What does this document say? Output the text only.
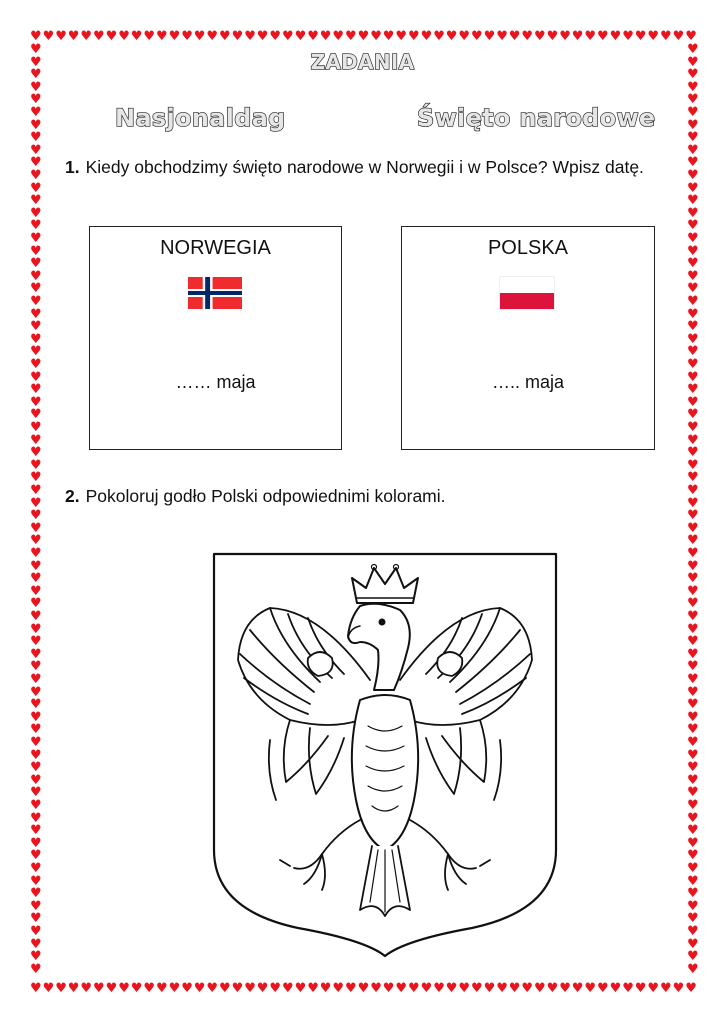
♥
♥
♥
♥
♥
♥
♥
♥
♥
♥
♥
♥
♥
♥
♥
♥
♥
♥
♥
♥
♥
♥
♥
♥
♥
♥
♥
♥
♥
♥
♥
♥
♥
♥
♥
♥
♥
♥
♥
♥
♥
♥
♥
♥
♥
♥
♥
♥
♥
♥
♥
♥
♥
♥
♥
♥
♥
♥
♥
♥
♥
♥
♥
♥
♥
♥
♥
♥
♥
♥
♥
♥
♥
♥
♥
♥
♥
♥
♥
♥
♥
♥
♥
♥
♥
♥
♥
♥
♥
♥
♥
♥
♥
♥
♥
♥
♥
♥
♥
♥
♥
♥
♥
♥
♥
♥
♥	♥
♥	♥
♥	♥
♥	♥
♥	♥
♥	♥
♥	♥
♥	♥
♥	♥
♥	♥
♥	♥
♥	♥
♥	♥
♥	♥
♥	♥
♥	♥
♥	♥
♥	♥
♥	♥
♥	♥
♥	♥
♥	♥
♥	♥
♥	♥
♥	♥
♥	♥
♥	♥
♥	♥
♥	♥
♥	♥
♥	♥
♥	♥
♥	♥
♥	♥
♥	♥
♥	♥
♥	♥
♥	♥
♥	♥
♥	♥
♥	♥
♥	♥
♥	♥
♥	♥
♥	♥
♥	♥
♥	♥
♥	♥
♥	♥
♥	♥
♥	♥
♥	♥
♥	♥
♥	♥
♥	♥
♥	♥
♥	♥
♥	♥
♥	♥
♥	♥
♥	♥
♥	♥
♥	♥
♥	♥
♥	♥
♥	♥
♥	♥
♥	♥
♥	♥
♥	♥
♥	♥
♥	♥
♥	♥
♥	♥
ZADANIA
Nasjonaldag	Święto narodowe
1. Kiedy obchodzimy święto narodowe w Norwegii i w Polsce? Wpisz datę.
NORWEGIA
…… maja
POLSKA
….. maja
2. Pokoloruj godło Polski odpowiednimi kolorami.
